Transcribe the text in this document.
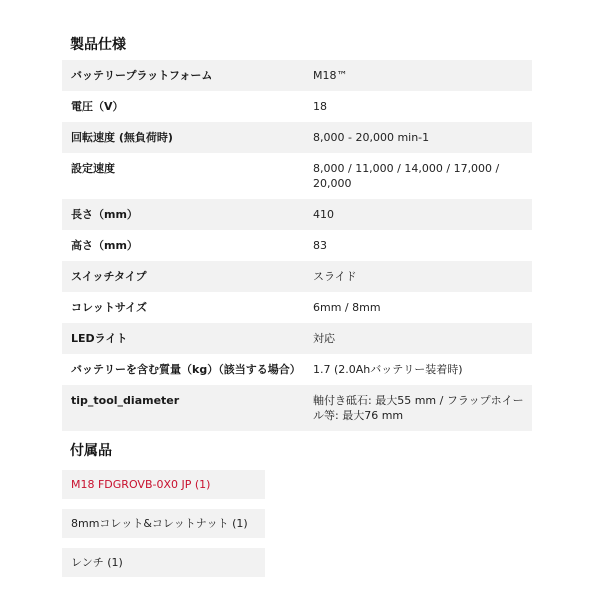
製品仕様
バッテリープラットフォーム	M18™
電圧（V）	18
回転速度 (無負荷時)	8,000 - 20,000 min-1
設定速度	8,000 / 11,000 / 14,000 / 17,000 / 20,000
長さ（mm）	410
高さ（mm）	83
スイッチタイプ	スライド
コレットサイズ	6mm / 8mm
LEDライト	対応
バッテリーを含む質量（kg）（該当する場合）	1.7 (2.0Ahバッテリー装着時)
tip_tool_diameter	軸付き砥石: 最大55 mm / フラップホイール等: 最大76 mm
付属品
M18 FDGROVB-0X0 JP (1)
8mmコレット&コレットナット (1)
レンチ (1)
